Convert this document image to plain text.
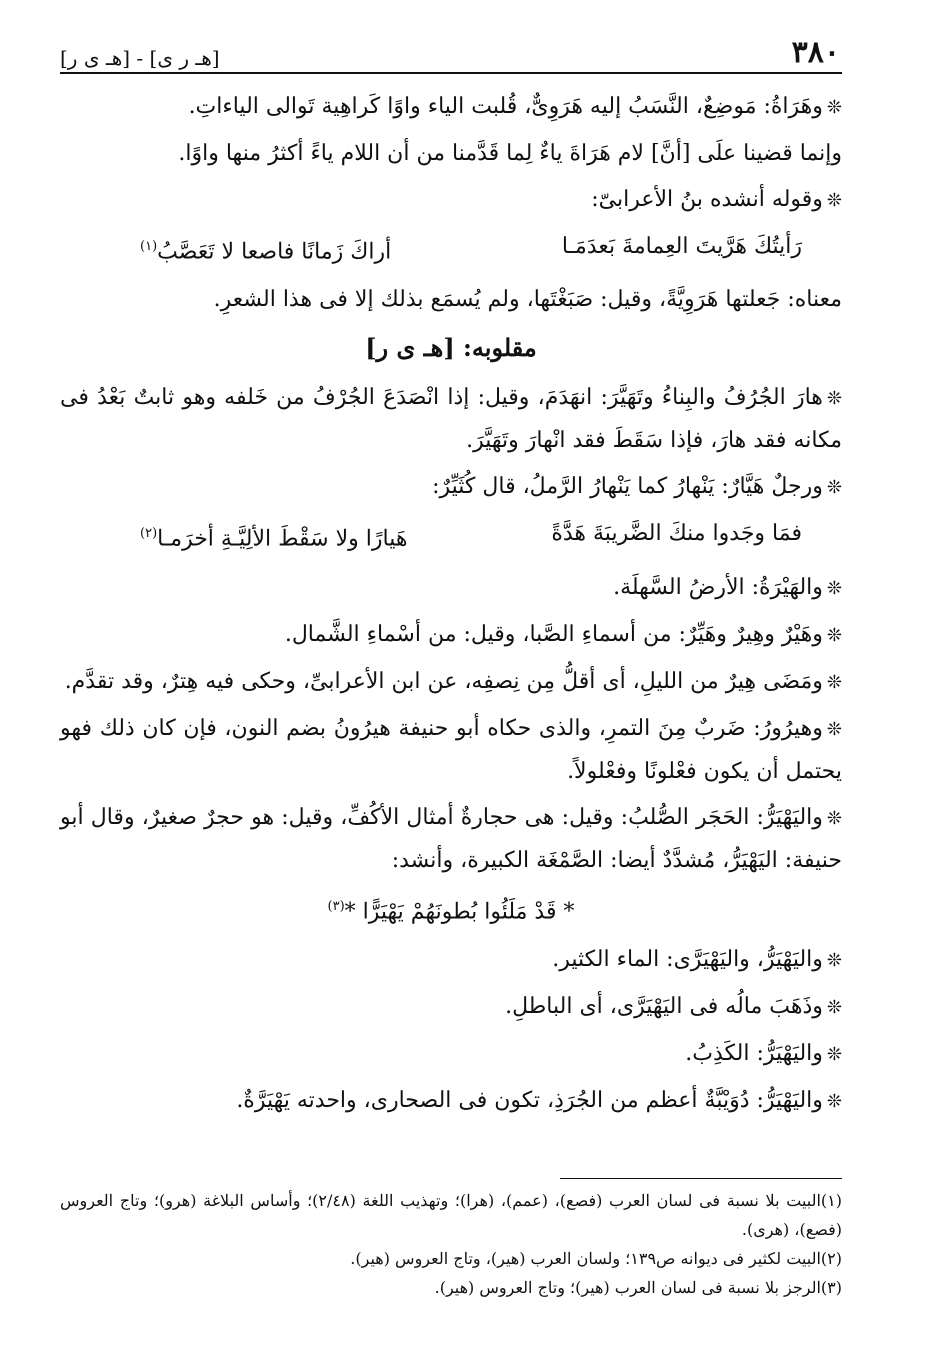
٣٨٠
[هـ ر ى] - [هـ ى ر]

❊وهَرَاةُ: مَوضِعٌ، النَّسَبُ إليه هَرَوِىٌّ، قُلبت الياء واوًا كَراهِية تَوالى الياءاتِ.

وإنما قضينا علَى [أنَّ] لام هَرَاةَ ياءٌ لِما قَدَّمنا من أن اللام ياءً أكثرُ منها واوًا.

❊وقوله أنشده بنُ الأعرابىّ:

رَأيتُكَ هَرَّيتَ العِمامةَ بَعدَمَـا
أراكَ زَمانًا فاصعا لا تَعَصَّبُ$^{(١)}$

معناه: جَعلتها هَرَوِيَّةً، وقيل: صَبَغْتَها، ولم يُسمَع بذلك إلا فى هذا الشعرِ.

مقلوبه: [هـ ى ر]

❊هارَ الجُرُفُ والبِناءُ وتَهَيَّرَ: انهَدَمَ، وقيل: إذا انْصَدَعَ الجُرْفُ من خَلفه وهو ثابتٌ بَعْدُ فى مكانه فقد هارَ، فإذا سَقَطَ فقد انْهارَ وتَهَيَّرَ.

❊ورجلٌ هَيَّارٌ: يَنْهارُ كما يَنْهارُ الرَّملُ، قال كُثَيِّرٌ:

فمَا وجَدوا منكَ الضَّريبَةَ هَدَّةً
هَيارًا ولا سَقْطَ الألِيَّـةِ أخرَمـا$^{(٢)}$

❊والهَيْرَةُ: الأرضُ السَّهلَة.

❊وهَيْرٌ وهِيرٌ وهَيِّرٌ: من أسماءِ الصَّبا، وقيل: من أسْماءِ الشَّمال.

❊ومَضَى هِيرٌ من الليلِ، أى أقلُّ مِن نِصفِه، عن ابن الأعرابىِّ، وحكى فيه هِترٌ، وقد تقدَّم.

❊وهيرُورُ: ضَربٌ مِنَ التمرِ، والذى حكاه أبو حنيفة هيرُونُ بضم النون، فإن كان ذلك فهو يحتمل أن يكون فعْلونًا وفعْلولاً.

❊واليَهْيَرُّ: الحَجَر الصُّلبُ: وقيل: هى حجارةٌ أمثال الأكُفِّ، وقيل: هو حجرٌ صغيرٌ، وقال أبو حنيفة: اليَهْيَرُّ، مُشدَّدٌ أيضا: الصَّمْغَة الكبيرة، وأنشد:

* قَدْ مَلَئُوا بُطونَهُمْ يَهْيَرًّا *$^{(٣)}$

❊واليَهْيَرُّ، واليَهْيَرَّى: الماء الكثير.

❊وذَهَبَ مالُه فى اليَهْيَرَّى، أى الباطلِ.

❊واليَهْيَرُّ: الكَذِبُ.

❊واليَهْيَرُّ: دُوَيْبَّةٌ أعظم من الجُرَذِ، تكون فى الصحارى، واحدته يَهْيَرَّةٌ.

(١)البيت بلا نسبة فى لسان العرب (فصع)، (عمم)، (هرا)؛ وتهذيب اللغة (٢/٤٨)؛ وأساس البلاغة (هرو)؛ وتاج العروس (فصع)، (هرى).

(٢)البيت لكثير فى ديوانه ص١٣٩؛ ولسان العرب (هير)، وتاج العروس (هير).

(٣)الرجز بلا نسبة فى لسان العرب (هير)؛ وتاج العروس (هير).
